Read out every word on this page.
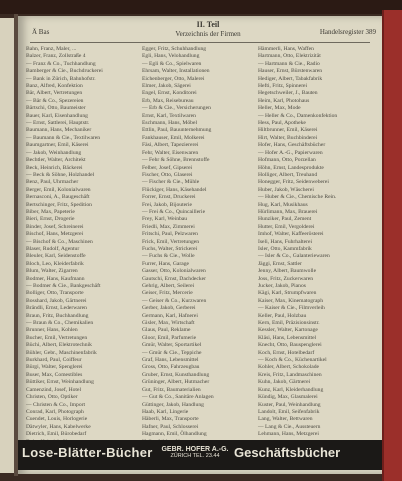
Ä Bas
II. Teil
Verzeichnis der Firmen	Handelsregister 389
Bahn, Franz, Maler, ...
Balzer, Franz, Zollstraße 4
— Franz & Co., Tuchhandlung
Bamberger & Cie., Buchdruckerei
— Bank in Zürich, Bahnhofstr.
Banz, Alfred, Konfektion
Bär, Albert, Vertretungen
— Bär & Co., Spezereien
Bärtschi, Otto, Baumeister
Bauer, Karl, Eisenhandlung
— Ernst, Sattlerei, Hauptstr.
Baumann, Hans, Mechaniker
— Baumann & Cie., Textilwaren
Baumgartner, Emil, Käserei
— Jakob, Weinhandlung
Bechtler, Walter, Architekt
Beck, Heinrich, Bäckerei
— Beck & Söhne, Holzhandel
Benz, Paul, Uhrmacher
Berger, Emil, Kolonialwaren
Bernasconi, A., Baugeschäft
Bertschinger, Fritz, Spedition
Biber, Max, Papeterie
Bieri, Ernst, Drogerie
Binder, Josef, Schreinerei
Bischof, Hans, Metzgerei
— Bischof & Co., Maschinen
Blaser, Rudolf, Agentur
Bleuler, Karl, Seidenstoffe
Bloch, Leo, Kleiderfabrik
Blum, Walter, Zigarren
Bodmer, Hans, Kaufmann
— Bodmer & Cie., Bankgeschäft
Bolliger, Otto, Transporte
Bosshard, Jakob, Gärtnerei
Brändli, Ernst, Lederwaren
Braun, Fritz, Buchhandlung
— Braun & Co., Chemikalien
Brunner, Hans, Kohlen
Bucher, Emil, Vertretungen
Büchi, Albert, Elektrotechnik
Bühler, Gebr., Maschinenfabrik
Burkhard, Paul, Coiffeur
Bürgi, Walter, Spenglerei
Buser, Max, Comestibles
Büttiker, Ernst, Weinhandlung
Camenzind, Josef, Hotel
Christen, Otto, Optiker
— Christen & Co., Import
Conrad, Karl, Photograph
Cuendet, Louis, Horlogerie
Dätwyler, Hans, Kabelwerke
Dietrich, Emil, Bürobedarf
Egger, Fritz, Schuhhandlung
Egli, Hans, Velohandlung
— Egli & Co., Spielwaren
Ehrsam, Walter, Installationen
Eichenberger, Otto, Malerei
Elmer, Jakob, Sägerei
Engel, Ernst, Konditorei
Erb, Max, Reisebureau
— Erb & Cie., Versicherungen
Ernst, Karl, Textilwaren
Eschmann, Hans, Möbel
Ettlin, Paul, Bauunternehmung
Fankhauser, Emil, Molkerei
Fäsi, Albert, Tapeziererei
Fehr, Walter, Eisenwaren
— Fehr & Söhne, Brennstoffe
Felber, Josef, Gipserei
Fischer, Otto, Glaserei
— Fischer & Cie., Mühle
Flückiger, Hans, Käsehandel
Forrer, Ernst, Druckerei
Frei, Jakob, Bijouterie
— Frei & Co., Quincaillerie
Frey, Karl, Weinbau
Friedli, Max, Zimmerei
Fritschi, Paul, Pelzwaren
Frick, Emil, Vertretungen
Fuchs, Walter, Strickerei
— Fuchs & Cie., Wolle
Furrer, Hans, Garage
Gasser, Otto, Kolonialwaren
Gautschi, Ernst, Dachdecker
Gehrig, Albert, Seilerei
Geiser, Fritz, Mercerie
— Geiser & Co., Kurzwaren
Gerber, Jakob, Gerberei
Germann, Karl, Hafnerei
Gisler, Max, Wirtschaft
Glaus, Paul, Reklame
Gloor, Emil, Parfumerie
Gmür, Walter, Sportartikel
— Gmür & Cie., Teppiche
Graf, Hans, Lebensmittel
Gross, Otto, Fahrzeugbau
Gruber, Ernst, Kunsthandlung
Grüninger, Albert, Hutmacher
Gut, Fritz, Baumaterialien
— Gut & Co., Sanitäre Anlagen
Güttinger, Jakob, Handlung
Haab, Karl, Lingerie
Häberli, Max, Transporte
Hafner, Paul, Schlosserei
Hagmann, Emil, Ölhandlung
Hämmerli, Hans, Waffen
Hartmann, Otto, Elektrizität
— Hartmann & Cie., Radio
Hauser, Ernst, Bürstenwaren
Hediger, Albert, Tabakfabrik
Hefti, Fritz, Spinnerei
Hegetschweiler, J., Bauten
Heim, Karl, Photohaus
Heller, Max, Mode
— Heller & Co., Damenkonfektion
Hess, Paul, Apotheke
Hiltbrunner, Emil, Käserei
Hirt, Walter, Buchbinderei
Hofer, Hans, Geschäftsbücher
— Hofer A.-G., Papierwaren
Hofmann, Otto, Porzellan
Höhn, Ernst, Landesprodukte
Holliger, Albert, Treuhand
Honegger, Fritz, Seidenweberei
Huber, Jakob, Wäscherei
— Huber & Cie., Chemische Rein.
Hug, Karl, Musikhaus
Hürlimann, Max, Brauerei
Hunziker, Paul, Zement
Hutter, Emil, Vergolderei
Imhof, Walter, Kaffeerösterei
Iseli, Hans, Fuhrhalterei
Isler, Otto, Kammfabrik
— Isler & Co., Galanteriewaren
Jäggi, Ernst, Sattler
Jenny, Albert, Baumwolle
Joss, Fritz, Zuckerwaren
Jucker, Jakob, Pianos
Kägi, Karl, Strumpfwaren
Kaiser, Max, Kinematograph
— Kaiser & Cie., Filmverleih
Keller, Paul, Holzbau
Kern, Emil, Präzisionsinstr.
Kessler, Walter, Kartonage
Kläsi, Hans, Lebensmittel
Knecht, Otto, Bauspenglerei
Koch, Ernst, Hotelbedarf
— Koch & Co., Küchenartikel
Kohler, Albert, Schokolade
Kreis, Fritz, Landmaschinen
Kuhn, Jakob, Gärtnerei
Kunz, Karl, Kleiderhandlung
Kündig, Max, Glasmalerei
Kuster, Paul, Weinhandlung
Landolt, Emil, Seifenfabrik
Lang, Walter, Bettwaren
— Lang & Cie., Aussteuern
Lehmann, Hans, Metzgerei
Lose-Blätter-Bücher GEBR. HOFER A.-G.
ZÜRICH TEL. 23.44	Geschäftsbücher
